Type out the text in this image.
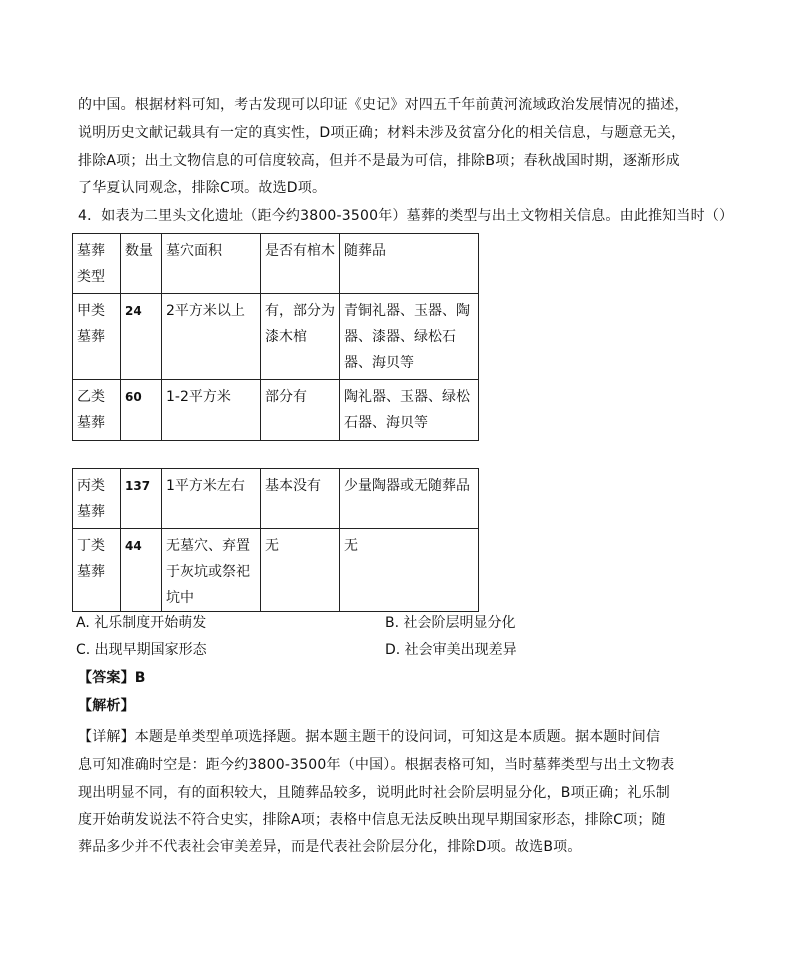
的中国。根据材料可知，考古发现可以印证《史记》对四五千年前黄河流域政治发展情况的描述，
说明历史文献记载具有一定的真实性，D项正确；材料未涉及贫富分化的相关信息，与题意无关，
排除A项；出土文物信息的可信度较高，但并不是最为可信，排除B项；春秋战国时期，逐渐形成
了华夏认同观念，排除C项。故选D项。
4．如表为二里头文化遗址（距今约3800-3500年）墓葬的类型与出土文物相关信息。由此推知当时（）
墓葬类型	数量	墓穴面积	是否有棺木	随葬品
甲类墓葬	24	2平方米以上	有，部分为漆木棺	青铜礼器、玉器、陶器、漆器、绿松石器、海贝等
乙类墓葬	60	1-2平方米	部分有	陶礼器、玉器、绿松石器、海贝等
丙类墓葬	137	1平方米左右	基本没有	少量陶器或无随葬品
丁类墓葬	44	无墓穴、弃置于灰坑或祭祀坑中	无	无
A. 礼乐制度开始萌发	B. 社会阶层明显分化
C. 出现早期国家形态	D. 社会审美出现差异
【答案】B
【解析】
【详解】本题是单类型单项选择题。据本题主题干的设问词，可知这是本质题。据本题时间信
息可知准确时空是：距今约3800-3500年（中国）。根据表格可知，当时墓葬类型与出土文物表
现出明显不同，有的面积较大，且随葬品较多，说明此时社会阶层明显分化，B项正确；礼乐制
度开始萌发说法不符合史实，排除A项；表格中信息无法反映出现早期国家形态，排除C项；随
葬品多少并不代表社会审美差异，而是代表社会阶层分化，排除D项。故选B项。
